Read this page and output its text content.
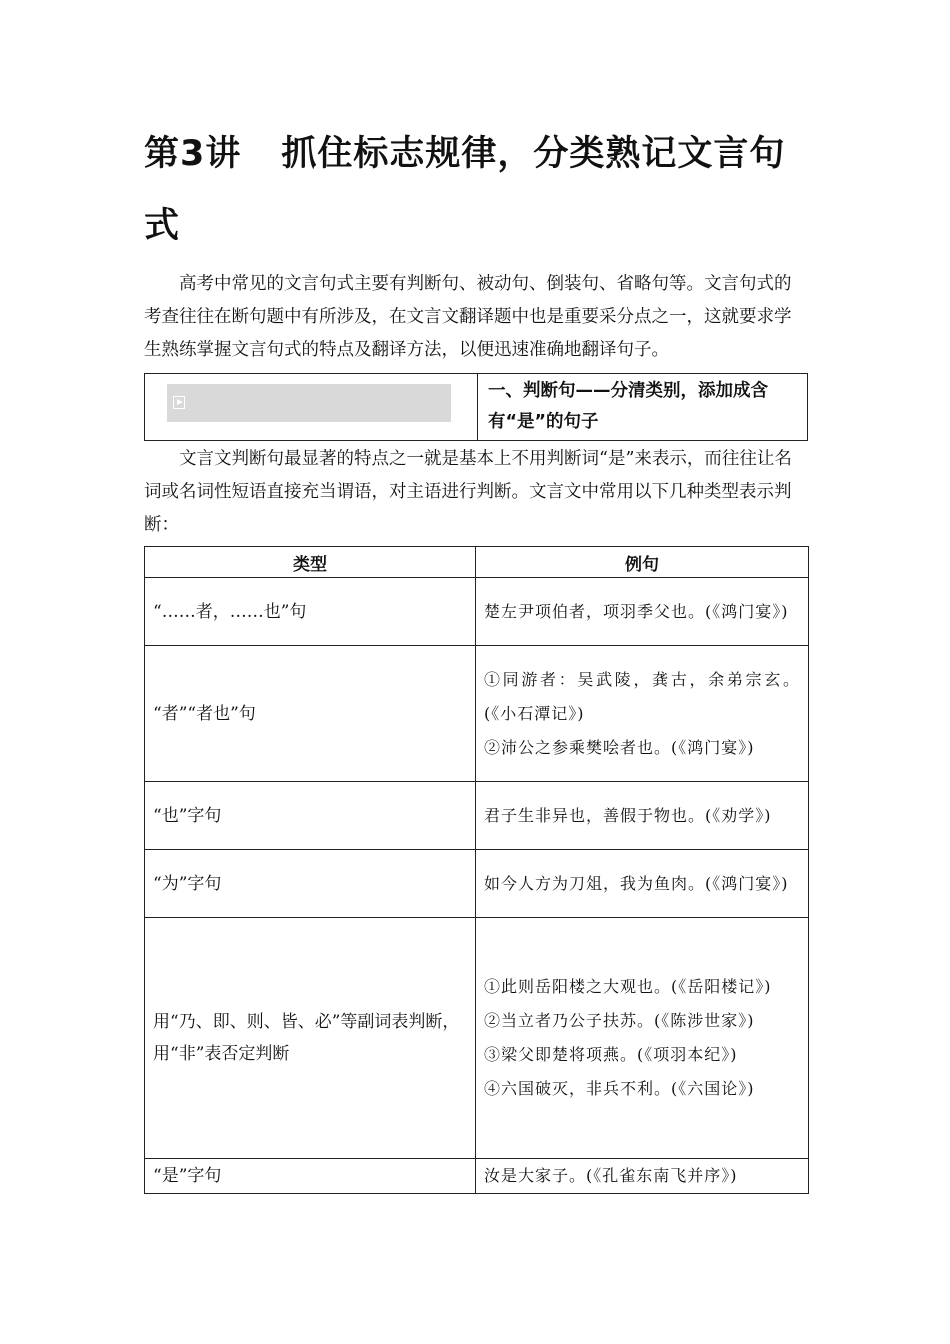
第3讲 抓住标志规律，分类熟记文言句式

高考中常见的文言句式主要有判断句、被动句、倒装句、省略句等。文言句式的考查往往在断句题中有所涉及，在文言文翻译题中也是重要采分点之一，这就要求学生熟练掌握文言句式的特点及翻译方法，以便迅速准确地翻译句子。

一、判断句——分清类别，添加成含有“是”的句子

文言文判断句最显著的特点之一就是基本上不用判断词“是”来表示，而往往让名词或名词性短语直接充当谓语，对主语进行判断。文言文中常用以下几种类型表示判断：

类型	例句
“……者，……也”句	楚左尹项伯者，项羽季父也。(《鸿门宴》)

“者”“者也”句	①同游者：吴武陵，龚古，余弟宗玄。(《小石潭记》)
②沛公之参乘樊哙者也。(《鸿门宴》)

“也”字句	君子生非异也，善假于物也。(《劝学》)

“为”字句	如今人方为刀俎，我为鱼肉。(《鸿门宴》)

用“乃、即、则、皆、必”等副词表判断，用“非”表否定判断	①此则岳阳楼之大观也。(《岳阳楼记》)
②当立者乃公子扶苏。(《陈涉世家》)
③梁父即楚将项燕。(《项羽本纪》)
④六国破灭，非兵不利。(《六国论》)

“是”字句	汝是大家子。(《孔雀东南飞并序》)
